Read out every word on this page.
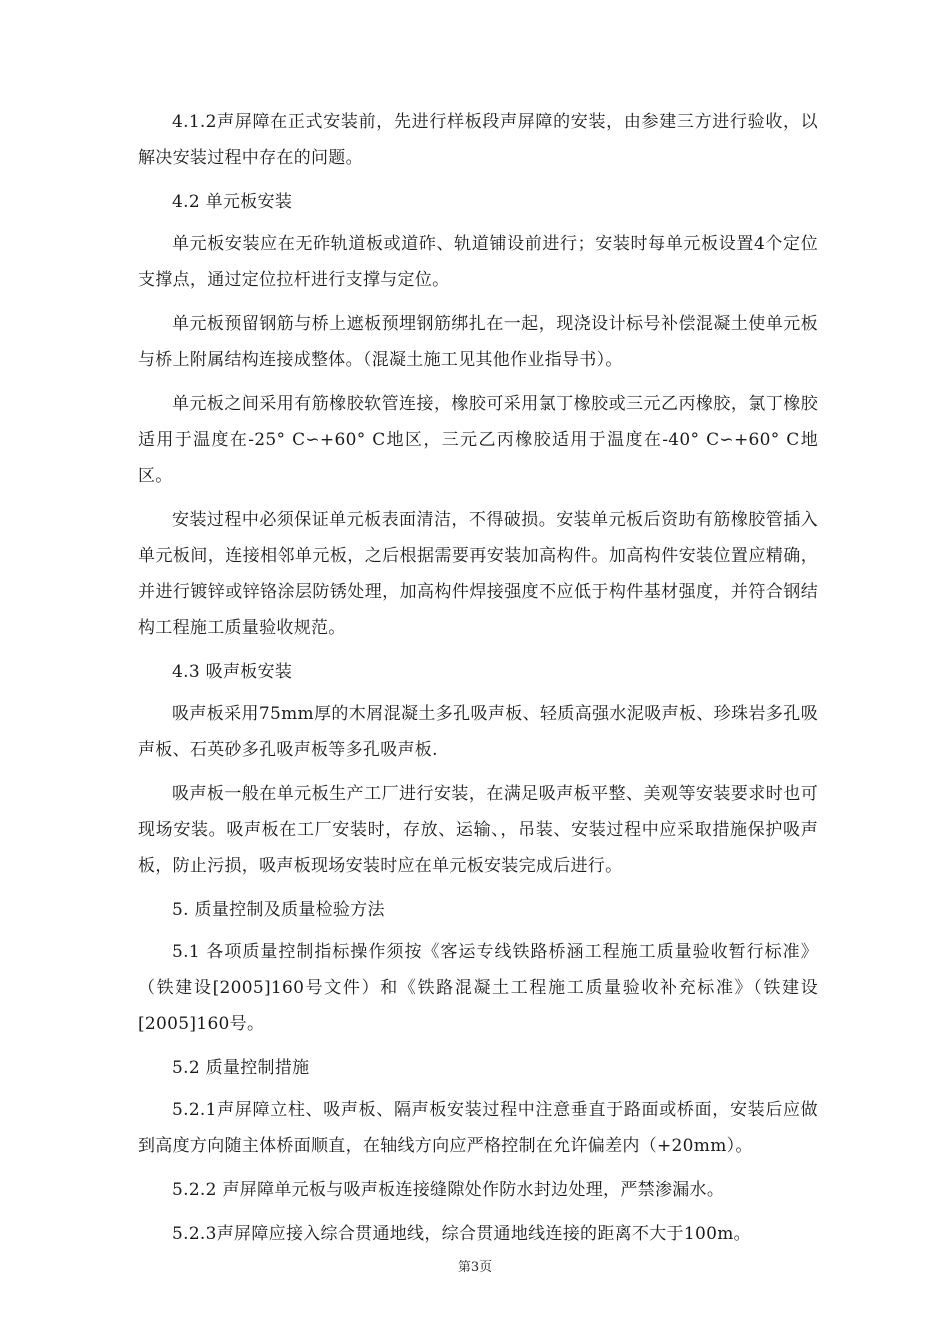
4.1.2声屏障在正式安装前，先进行样板段声屏障的安装，由参建三方进行验收，以解决安装过程中存在的问题。

4.2 单元板安装

单元板安装应在无砟轨道板或道砟、轨道铺设前进行；安装时每单元板设置4个定位支撑点，通过定位拉杆进行支撑与定位。

单元板预留钢筋与桥上遮板预埋钢筋绑扎在一起，现浇设计标号补偿混凝土使单元板与桥上附属结构连接成整体。（混凝土施工见其他作业指导书）。

单元板之间采用有筋橡胶软管连接，橡胶可采用氯丁橡胶或三元乙丙橡胶，氯丁橡胶适用于温度在-25° C∽+60° C地区，三元乙丙橡胶适用于温度在-40° C∽+60° C地区。

安装过程中必须保证单元板表面清洁，不得破损。安装单元板后资助有筋橡胶管插入单元板间，连接相邻单元板，之后根据需要再安装加高构件。加高构件安装位置应精确，并进行镀锌或锌铬涂层防锈处理，加高构件焊接强度不应低于构件基材强度，并符合钢结构工程施工质量验收规范。

4.3 吸声板安装

吸声板采用75mm厚的木屑混凝土多孔吸声板、轻质高强水泥吸声板、珍珠岩多孔吸声板、石英砂多孔吸声板等多孔吸声板.

吸声板一般在单元板生产工厂进行安装，在满足吸声板平整、美观等安装要求时也可现场安装。吸声板在工厂安装时，存放、运输、，吊装、安装过程中应采取措施保护吸声板，防止污损，吸声板现场安装时应在单元板安装完成后进行。

5. 质量控制及质量检验方法

5.1 各项质量控制指标操作须按《客运专线铁路桥涵工程施工质量验收暂行标准》（铁建设[2005]160号文件）和《铁路混凝土工程施工质量验收补充标准》（铁建设[2005]160号。

5.2 质量控制措施

5.2.1声屏障立柱、吸声板、隔声板安装过程中注意垂直于路面或桥面，安装后应做到高度方向随主体桥面顺直，在轴线方向应严格控制在允许偏差内（+20mm）。

5.2.2 声屏障单元板与吸声板连接缝隙处作防水封边处理，严禁渗漏水。

5.2.3声屏障应接入综合贯通地线，综合贯通地线连接的距离不大于100m。

第3页
